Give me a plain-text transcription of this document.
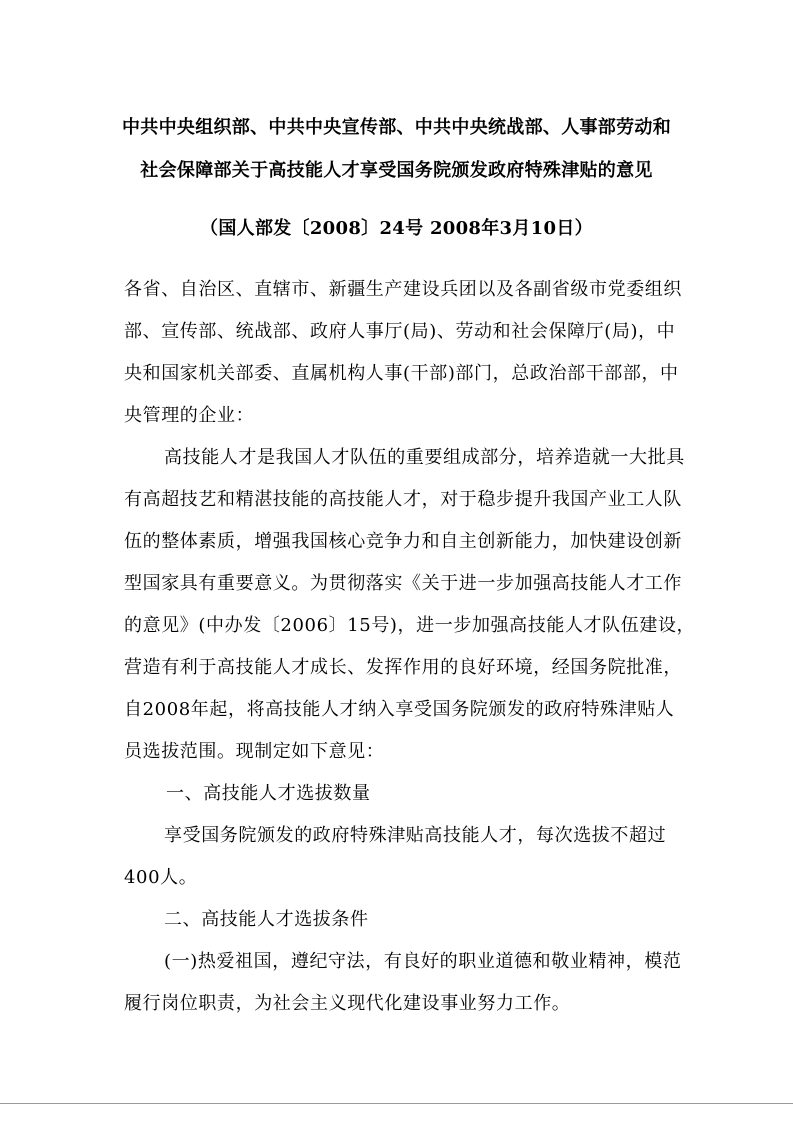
中共中央组织部、中共中央宣传部、中共中央统战部、人事部劳动和
社会保障部关于高技能人才享受国务院颁发政府特殊津贴的意见
（国人部发〔2008〕24号 2008年3月10日）
各省、自治区、直辖市、新疆生产建设兵团以及各副省级市党委组织
部、宣传部、统战部、政府人事厅(局)、劳动和社会保障厅(局)，中
央和国家机关部委、直属机构人事(干部)部门，总政治部干部部，中
央管理的企业：
高技能人才是我国人才队伍的重要组成部分，培养造就一大批具
有高超技艺和精湛技能的高技能人才，对于稳步提升我国产业工人队
伍的整体素质，增强我国核心竞争力和自主创新能力，加快建设创新
型国家具有重要意义。为贯彻落实《关于进一步加强高技能人才工作
的意见》(中办发〔2006〕15号)，进一步加强高技能人才队伍建设，
营造有利于高技能人才成长、发挥作用的良好环境，经国务院批准，
自2008年起，将高技能人才纳入享受国务院颁发的政府特殊津贴人
员选拔范围。现制定如下意见：
一、高技能人才选拔数量
享受国务院颁发的政府特殊津贴高技能人才，每次选拔不超过
400人。
二、高技能人才选拔条件
(一)热爱祖国，遵纪守法，有良好的职业道德和敬业精神，模范
履行岗位职责，为社会主义现代化建设事业努力工作。
